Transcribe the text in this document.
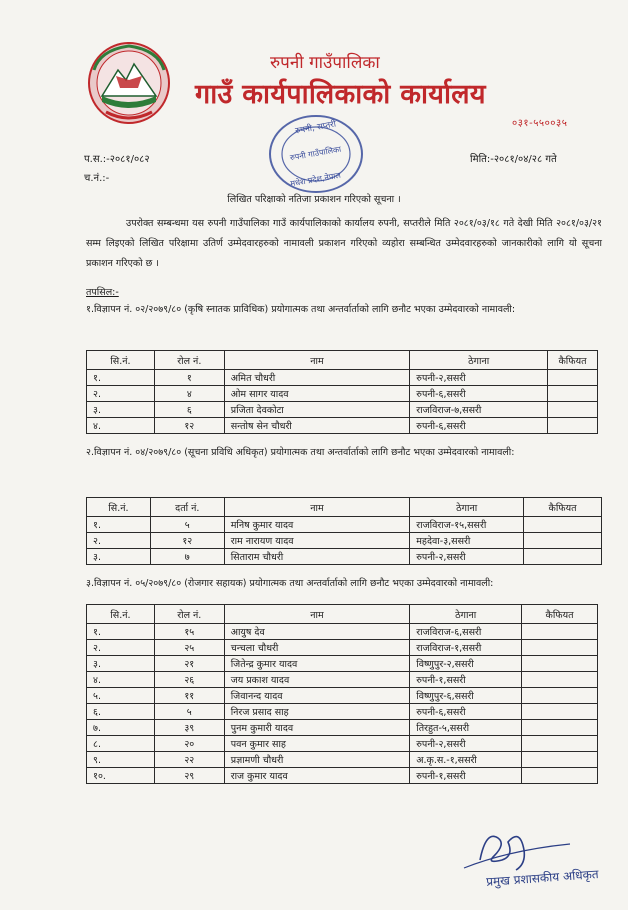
रुपनी गाउँपालिका
गाउँ कार्यपालिकाको कार्यालय
०३१-५५००३५
रुपनी, सप्तरी
रुपनी गाउँपालिका
मधेश प्रदेश,नेपाल
प.स.:-२०८१/०८२
च.नं.:-
मिति:-२०८१/०४/२८ गते
लिखित परिक्षाको नतिजा प्रकाशन गरिएको सूचना ।
उपरोक्त सम्बन्धमा यस रुपनी गाउँपालिका गाउँ कार्यपालिकाको कार्यालय रुपनी, सप्तरीले मिति २०८१/०३/१८ गते देखी मिति २०८१/०३/२१ सम्म लिइएको लिखित परिक्षामा उतिर्ण उम्मेदवारहरुको नामावली प्रकाशन गरिएको व्यहोरा सम्बन्धित उम्मेदवारहरुको जानकारीको लागि यो सूचना प्रकाशन गरिएको छ ।
तपसिल:-
१.विज्ञापन नं. ०२/२०७९/८० (कृषि स्नातक प्राविधिक) प्रयोगात्मक तथा अन्तर्वार्ताको लागि छनौट भएका उम्मेदवारको नामावली:
सि.नं.	रोल नं.	नाम	ठेगाना	कैफियत
१.	१	अमित चौधरी	रुपनी-२,ससरी	
२.	४	ओम सागर यादव	रुपनी-६,ससरी	
३.	६	प्रजिता देवकोटा	राजविराज-७,ससरी	
४.	१२	सन्तोष सेन चौधरी	रुपनी-६,ससरी	
२.विज्ञापन नं. ०४/२०७९/८० (सूचना प्रविधि अधिकृत) प्रयोगात्मक तथा अन्तर्वार्ताको लागि छनौट भएका उम्मेदवारको नामावली:
सि.नं.	दर्ता नं.	नाम	ठेगाना	कैफियत
१.	५	मनिष कुमार यादव	राजविराज-१५,ससरी	
२.	१२	राम नारायण यादव	महदेवा-३,ससरी	
३.	७	सिताराम चौधरी	रुपनी-२,ससरी	
३.विज्ञापन नं. ०५/२०७९/८० (रोजगार सहायक) प्रयोगात्मक तथा अन्तर्वार्ताको लागि छनौट भएका उम्मेदवारको नामावली:
सि.नं.	रोल नं.	नाम	ठेगाना	कैफियत
१.	१५	आयुष देव	राजविराज-६,ससरी	
२.	२५	चन्चला चौधरी	राजविराज-१,ससरी	
३.	२१	जितेन्द्र कुमार यादव	विष्णुपुर-२,ससरी	
४.	२६	जय प्रकाश यादव	रुपनी-१,ससरी	
५.	११	जिवानन्द यादव	विष्णुपुर-६,ससरी	
६.	५	निरज प्रसाद साह	रुपनी-६,ससरी	
७.	३९	पुनम कुमारी यादव	तिरहुत-५,ससरी	
८.	२०	पवन कुमार साह	रुपनी-२,ससरी	
९.	२२	प्रज्ञामणी चौधरी	अ.कृ.स.-१,ससरी	
१०.	२९	राज कुमार यादव	रुपनी-१,ससरी	
प्रमुख प्रशासकीय अधिकृत
